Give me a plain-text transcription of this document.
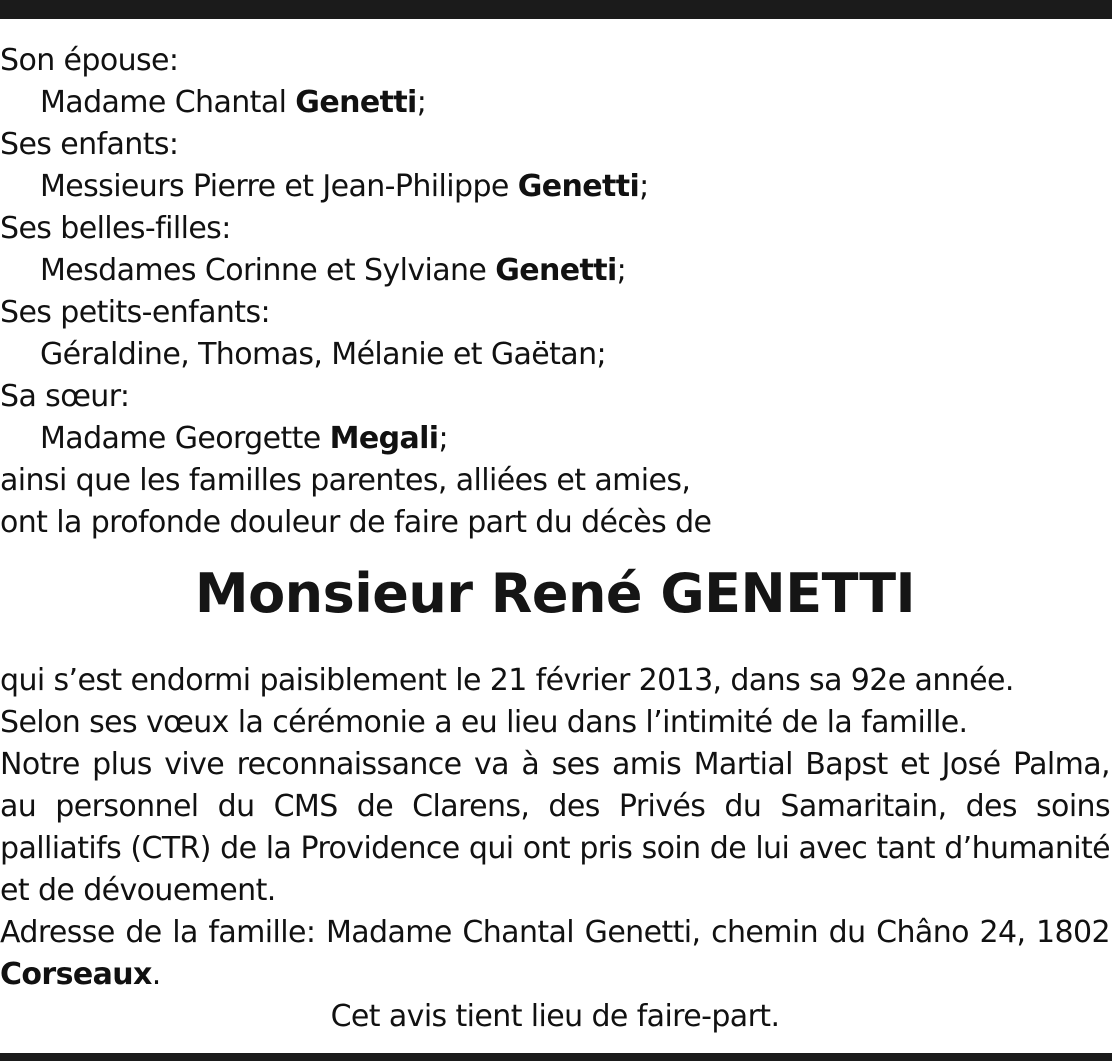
Son épouse:

Madame Chantal Genetti;

Ses enfants:

Messieurs Pierre et Jean-Philippe Genetti;

Ses belles-filles:

Mesdames Corinne et Sylviane Genetti;

Ses petits-enfants:

Géraldine, Thomas, Mélanie et Gaëtan;

Sa sœur:

Madame Georgette Megali;

ainsi que les familles parentes, alliées et amies,

ont la profonde douleur de faire part du décès de

Monsieur René GENETTI

qui s’est endormi paisiblement le 21 février 2013, dans sa 92e année.

Selon ses vœux la cérémonie a eu lieu dans l’intimité de la famille.

Notre plus vive reconnaissance va à ses amis Martial Bapst et José Palma, au personnel du CMS de Clarens, des Privés du Samaritain, des soins palliatifs (CTR) de la Providence qui ont pris soin de lui avec tant d’humanité et de dévouement.

Adresse de la famille: Madame Chantal Genetti, chemin du Châno 24, 1802 Corseaux.

Cet avis tient lieu de faire-part.
